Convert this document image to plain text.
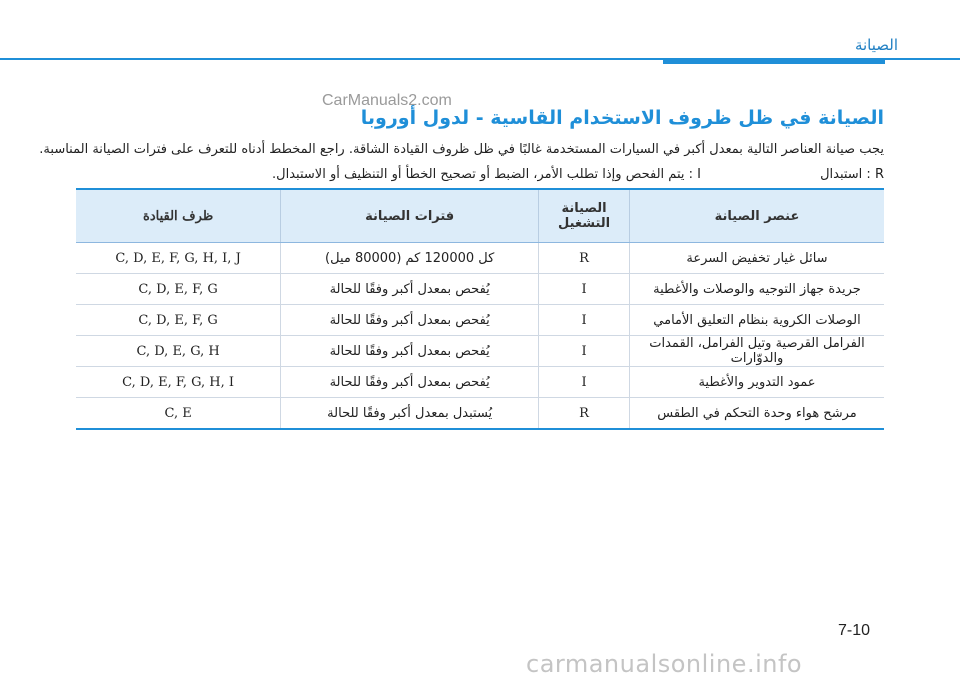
الصيانة
CarManuals2.com
الصيانة في ظل ظروف الاستخدام القاسية - لدول أوروبا
يجب صيانة العناصر التالية بمعدل أكبر في السيارات المستخدمة غالبًا في ظل ظروف القيادة الشاقة. راجع المخطط أدناه للتعرف على فترات الصيانة المناسبة.
R : استبدال
I : يتم الفحص وإذا تطلب الأمر، الضبط أو تصحيح الخطأ أو التنظيف أو الاستبدال.
عنصر الصيانة	الصيانة التشغيل	فترات الصيانة	ظرف القيادة
سائل غيار تخفيض السرعة	R	كل 120000 كم (80000 ميل)	C, D, E, F, G, H, I, J
جريدة جهاز التوجيه والوصلات والأغطية	I	يُفحص بمعدل أكبر وفقًا للحالة	C, D, E, F, G
الوصلات الكروية بنظام التعليق الأمامي	I	يُفحص بمعدل أكبر وفقًا للحالة	C, D, E, F, G
الفرامل القرصية وتيل الفرامل، القمدات والدوّارات	I	يُفحص بمعدل أكبر وفقًا للحالة	C, D, E, G, H
عمود التدوير والأغطية	I	يُفحص بمعدل أكبر وفقًا للحالة	C, D, E, F, G, H, I
مرشح هواء وحدة التحكم في الطقس	R	يُستبدل بمعدل أكبر وفقًا للحالة	C, E
7-10
carmanualsonline.info
